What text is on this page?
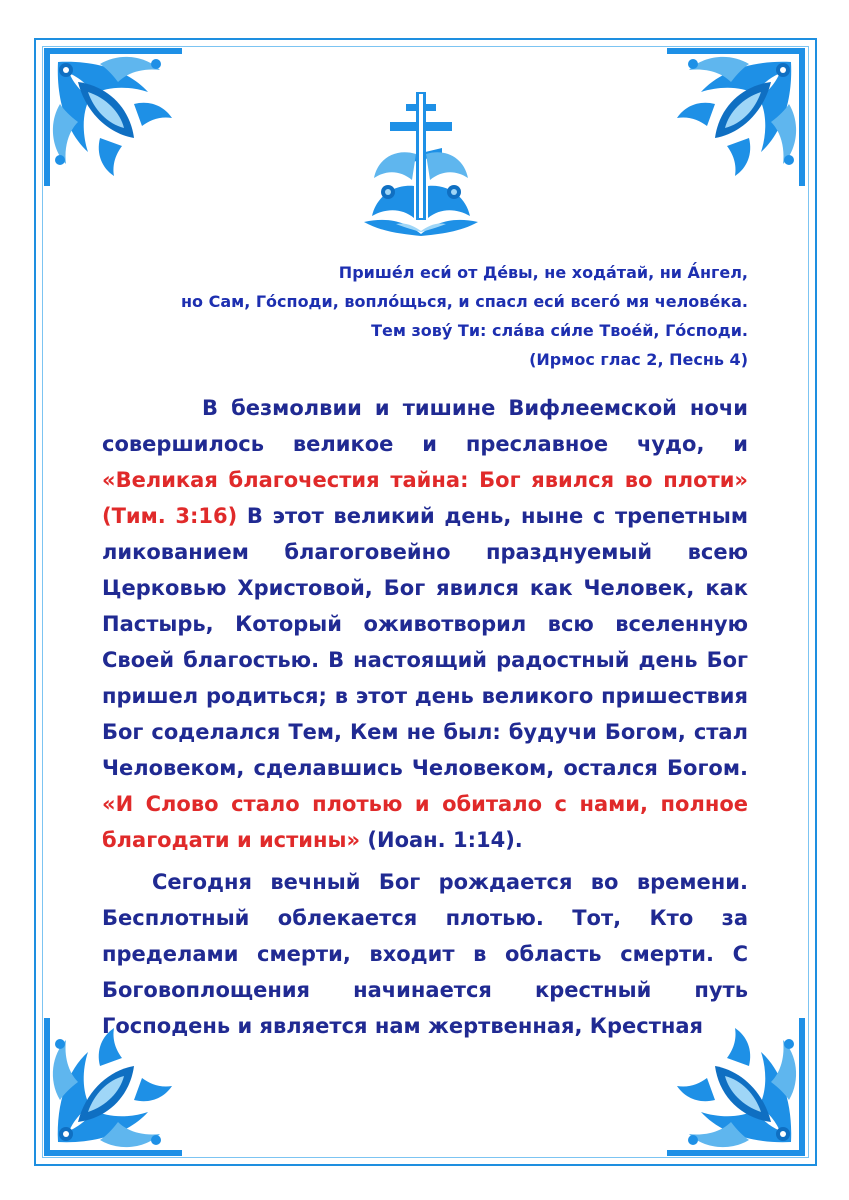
Прише́л еси́ от Де́вы, не хода́тай, ни А́нгел,
но Сам, Го́споди, вопло́щься, и спасл еси́ всего́ мя челове́ка.
Тем зову́ Ти: сла́ва си́ле Твое́й, Го́споди.
(Ирмос глас 2, Песнь 4)

В безмолвии и тишине Вифлеемской ночи совершилось великое и преславное чудо, и «Великая благочестия тайна: Бог явился во плоти» (Тим. 3:16) В этот великий день, ныне с трепетным ликованием благоговейно празднуемый всею Церковью Христовой, Бог явился как Человек, как Пастырь, Который оживотворил всю вселенную Своей благостью. В настоящий радостный день Бог пришел родиться; в этот день великого пришествия Бог соделался Тем, Кем не был: будучи Богом, стал Человеком, сделавшись Человеком, остался Богом. «И Слово стало плотью и обитало с нами, полное благодати и истины» (Иоан. 1:14).

Сегодня вечный Бог рождается во времени. Бесплотный облекается плотью. Тот, Кто за пределами смерти, входит в область смерти. С Боговоплощения начинается крестный путь Господень и является нам жертвенная, Крестная
